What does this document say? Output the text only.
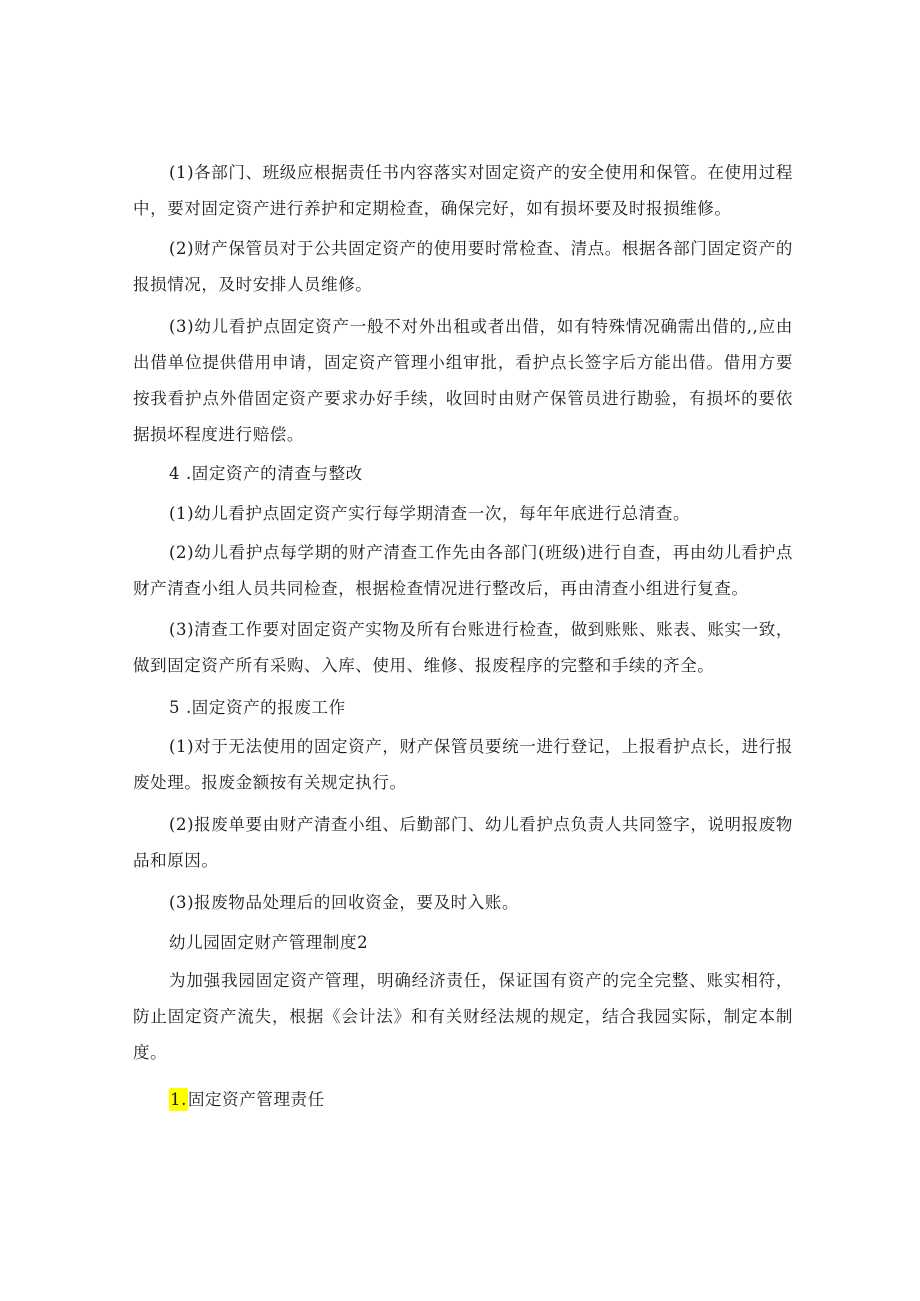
(1)各部门、班级应根据责任书内容落实对固定资产的安全使用和保管。在使用过程中，要对固定资产进行养护和定期检查，确保完好，如有损坏要及时报损维修。

(2)财产保管员对于公共固定资产的使用要时常检查、清点。根据各部门固定资产的报损情况，及时安排人员维修。

(3)幼儿看护点固定资产一般不对外出租或者出借，如有特殊情况确需出借的,,应由出借单位提供借用申请，固定资产管理小组审批，看护点长签字后方能出借。借用方要按我看护点外借固定资产要求办好手续，收回时由财产保管员进行勘验，有损坏的要依据损坏程度进行赔偿。

4 .固定资产的清查与整改

(1)幼儿看护点固定资产实行每学期清查一次，每年年底进行总清查。

(2)幼儿看护点每学期的财产清查工作先由各部门(班级)进行自查，再由幼儿看护点财产清查小组人员共同检查，根据检查情况进行整改后，再由清查小组进行复查。

(3)清查工作要对固定资产实物及所有台账进行检查，做到账账、账表、账实一致，做到固定资产所有采购、入库、使用、维修、报废程序的完整和手续的齐全。

5 .固定资产的报废工作

(1)对于无法使用的固定资产，财产保管员要统一进行登记，上报看护点长，进行报废处理。报废金额按有关规定执行。

(2)报废单要由财产清查小组、后勤部门、幼儿看护点负责人共同签字，说明报废物品和原因。

(3)报废物品处理后的回收资金，要及时入账。

幼儿园固定财产管理制度2

为加强我园固定资产管理，明确经济责任，保证国有资产的完全完整、账实相符，防止固定资产流失，根据《会计法》和有关财经法规的规定，结合我园实际，制定本制度。

1.固定资产管理责任
